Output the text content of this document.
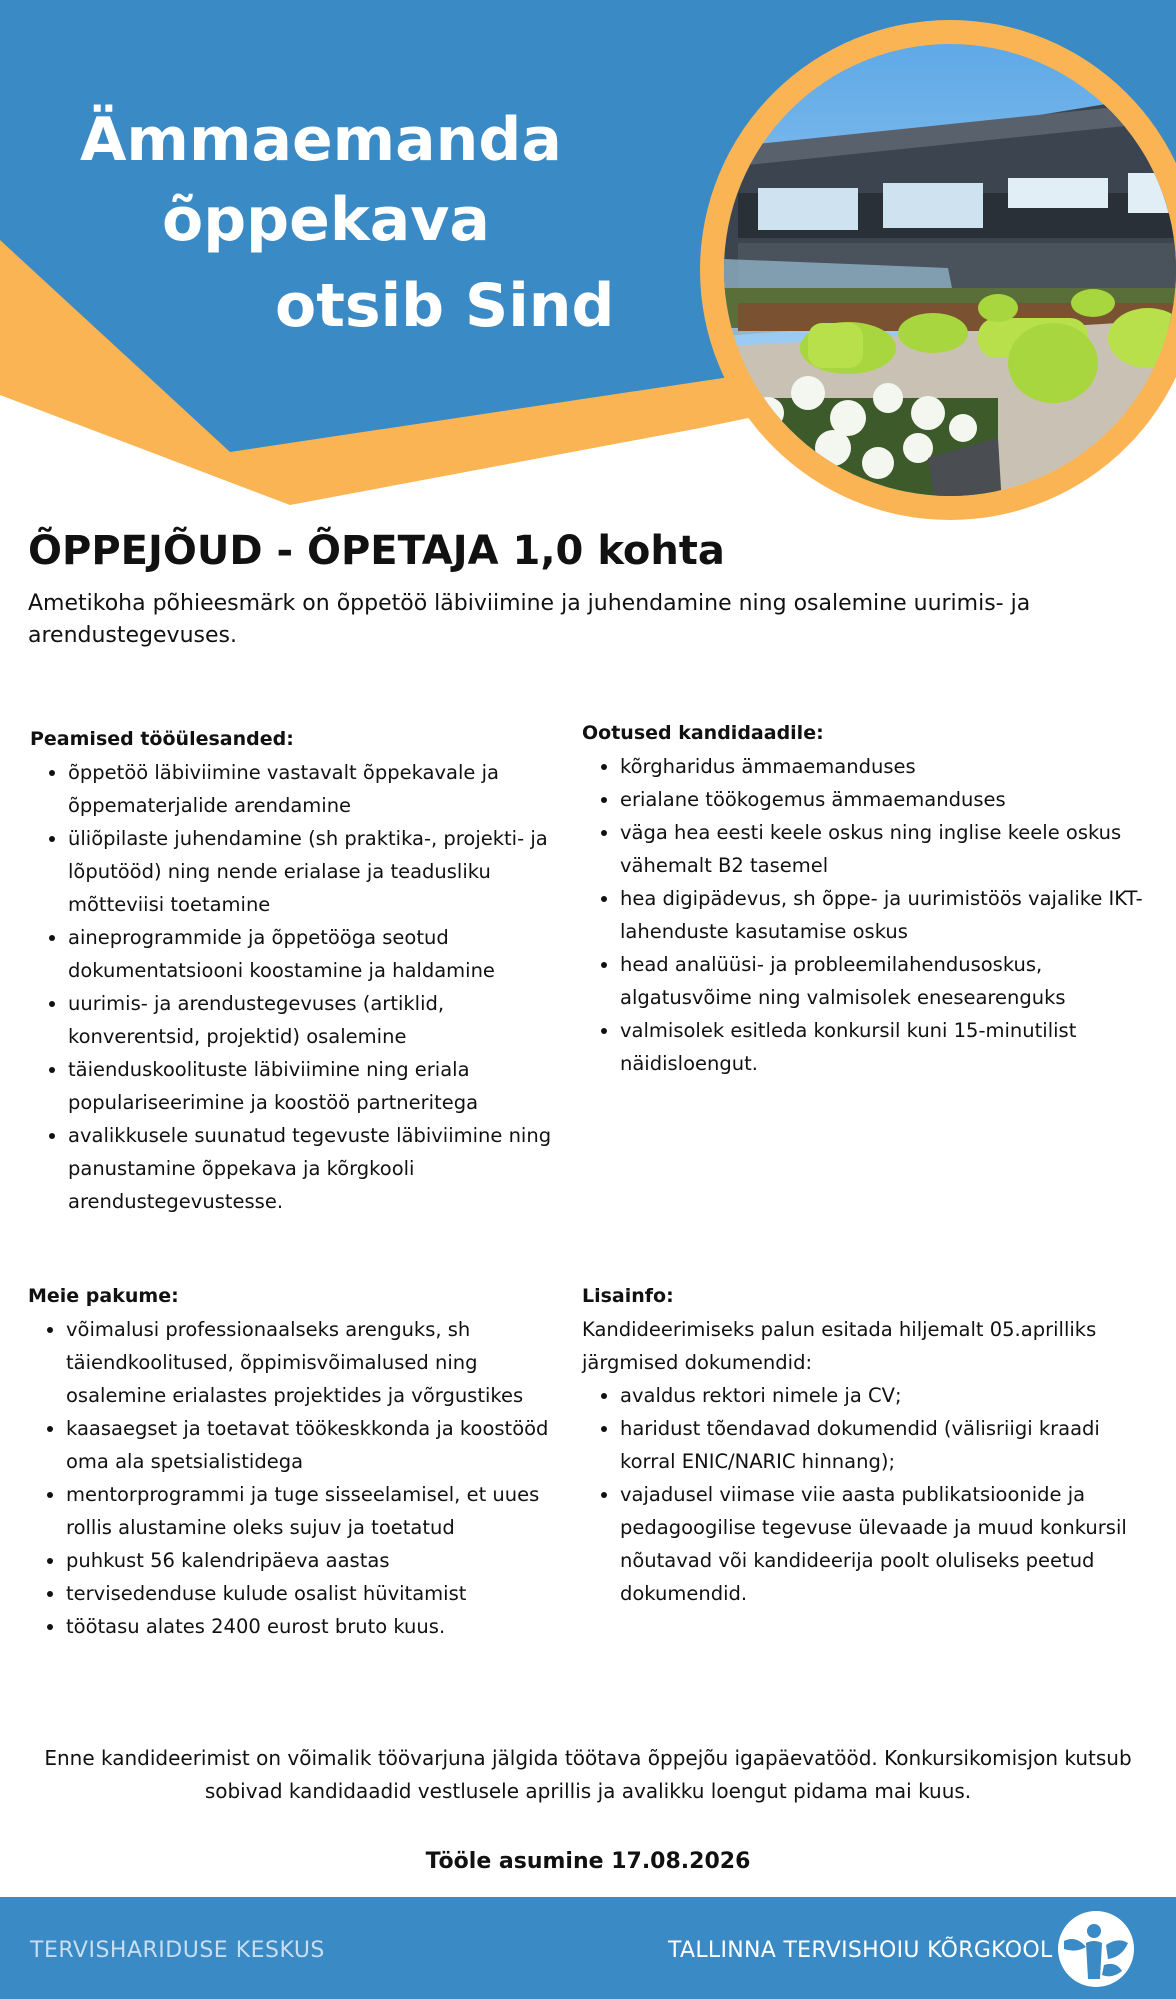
Ämmaemanda
õppekava
otsib Sind
ÕPPEJÕUD - ÕPETAJA 1,0 kohta

Ametikoha põhieesmärk on õppetöö läbiviimine ja juhendamine ning osalemine uurimis- ja arendustegevuses.

Peamised tööülesanded:
• õppetöö läbiviimine vastavalt õppekavale ja õppematerjalide arendamine
• üliõpilaste juhendamine (sh praktika-, projekti- ja lõputööd) ning nende erialase ja teadusliku mõtteviisi toetamine
• aineprogrammide ja õppetööga seotud dokumentatsiooni koostamine ja haldamine
• uurimis- ja arendustegevuses (artiklid, konverentsid, projektid) osalemine
• täienduskoolituste läbiviimine ning eriala populariseerimine ja koostöö partneritega
• avalikkusele suunatud tegevuste läbiviimine ning panustamine õppekava ja kõrgkooli arendustegevustesse.
Ootused kandidaadile:
• kõrgharidus ämmaemanduses
• erialane töökogemus ämmaemanduses
• väga hea eesti keele oskus ning inglise keele oskus vähemalt B2 tasemel
• hea digipädevus, sh õppe- ja uurimistöös vajalike IKT-lahenduste kasutamise oskus
• head analüüsi- ja probleemilahendusoskus, algatusvõime ning valmisolek enesearenguks
• valmisolek esitleda konkursil kuni 15-minutilist näidisloengut.
Meie pakume:
• võimalusi professionaalseks arenguks, sh täiendkoolitused, õppimisvõimalused ning osalemine erialastes projektides ja võrgustikes
• kaasaegset ja toetavat töökeskkonda ja koostööd oma ala spetsialistidega
• mentorprogrammi ja tuge sisseelamisel, et uues rollis alustamine oleks sujuv ja toetatud
• puhkust 56 kalendripäeva aastas
• tervisedenduse kulude osalist hüvitamist
• töötasu alates 2400 eurost bruto kuus.
Lisainfo:

Kandideerimiseks palun esitada hiljemalt 05.aprilliks järgmised dokumendid:

• avaldus rektori nimele ja CV;
• haridust tõendavad dokumendid (välisriigi kraadi korral ENIC/NARIC hinnang);
• vajadusel viimase viie aasta publikatsioonide ja pedagoogilise tegevuse ülevaade ja muud konkursil nõutavad või kandideerija poolt oluliseks peetud dokumendid.

Enne kandideerimist on võimalik töövarjuna jälgida töötava õppejõu igapäevatööd. Konkursikomisjon kutsub sobivad kandidaadid vestlusele aprillis ja avalikku loengut pidama mai kuus.

Tööle asumine 17.08.2026

TERVISHARIDUSE KESKUS	TALLINNA TERVISHOIU KÕRGKOOL
